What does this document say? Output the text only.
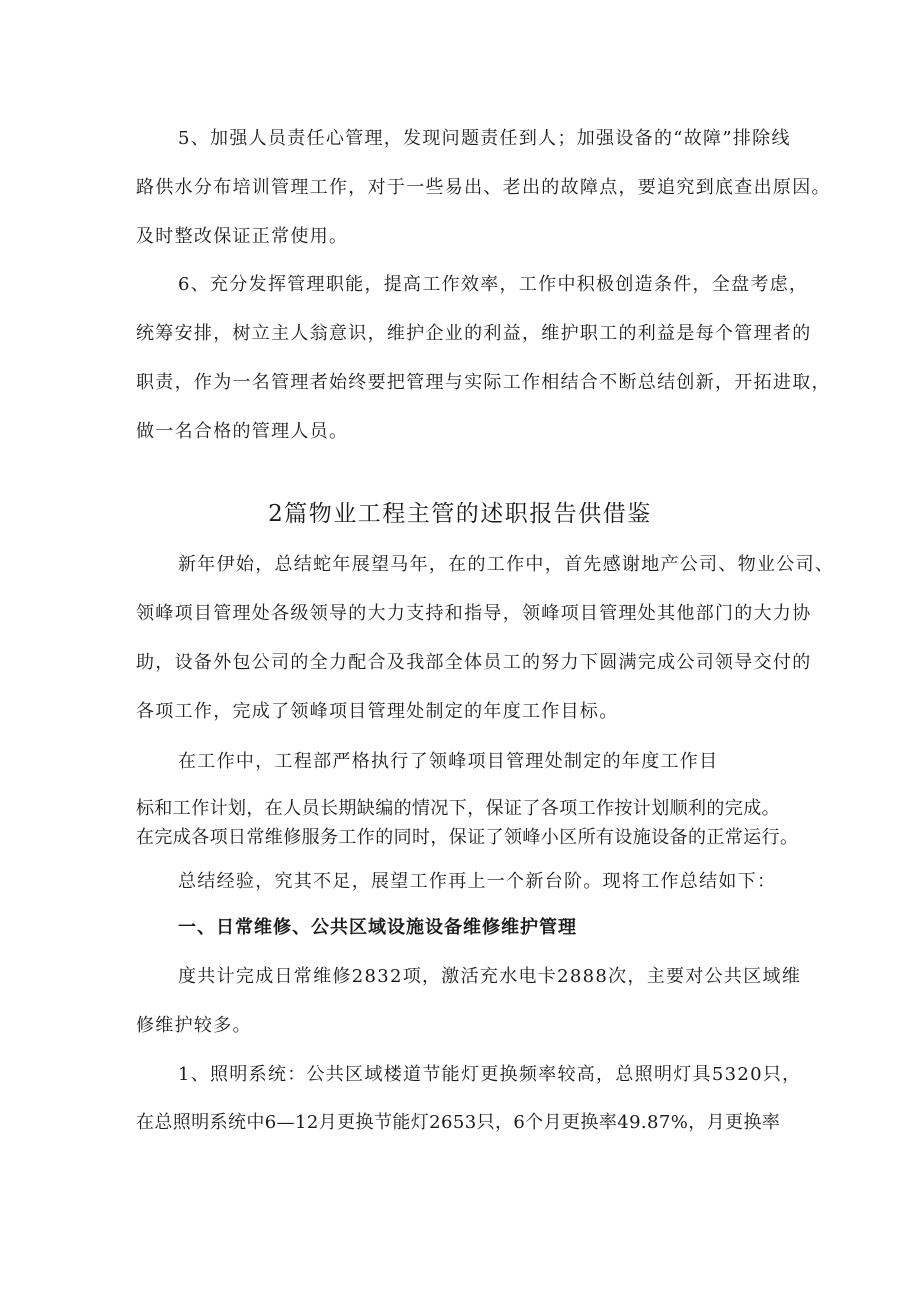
5、加强人员责任心管理，发现问题责任到人；加强设备的“故障”排除线
路供水分布培训管理工作，对于一些易出、老出的故障点，要追究到底查出原因。
及时整改保证正常使用。
6、充分发挥管理职能，提高工作效率，工作中积极创造条件，全盘考虑，
统筹安排，树立主人翁意识，维护企业的利益，维护职工的利益是每个管理者的
职责，作为一名管理者始终要把管理与实际工作相结合不断总结创新，开拓进取，
做一名合格的管理人员。
2篇物业工程主管的述职报告供借鉴
新年伊始，总结蛇年展望马年，在的工作中，首先感谢地产公司、物业公司、
领峰项目管理处各级领导的大力支持和指导，领峰项目管理处其他部门的大力协
助，设备外包公司的全力配合及我部全体员工的努力下圆满完成公司领导交付的
各项工作，完成了领峰项目管理处制定的年度工作目标。
在工作中，工程部严格执行了领峰项目管理处制定的年度工作目
标和工作计划，在人员长期缺编的情况下，保证了各项工作按计划顺利的完成。
在完成各项日常维修服务工作的同时，保证了领峰小区所有设施设备的正常运行。
总结经验，究其不足，展望工作再上一个新台阶。现将工作总结如下：
一、日常维修、公共区域设施设备维修维护管理
度共计完成日常维修2832项，激活充水电卡2888次，主要对公共区域维
修维护较多。
1、照明系统：公共区域楼道节能灯更换频率较高，总照明灯具5320只，
在总照明系统中6—12月更换节能灯2653只，6个月更换率49.87%，月更换率
